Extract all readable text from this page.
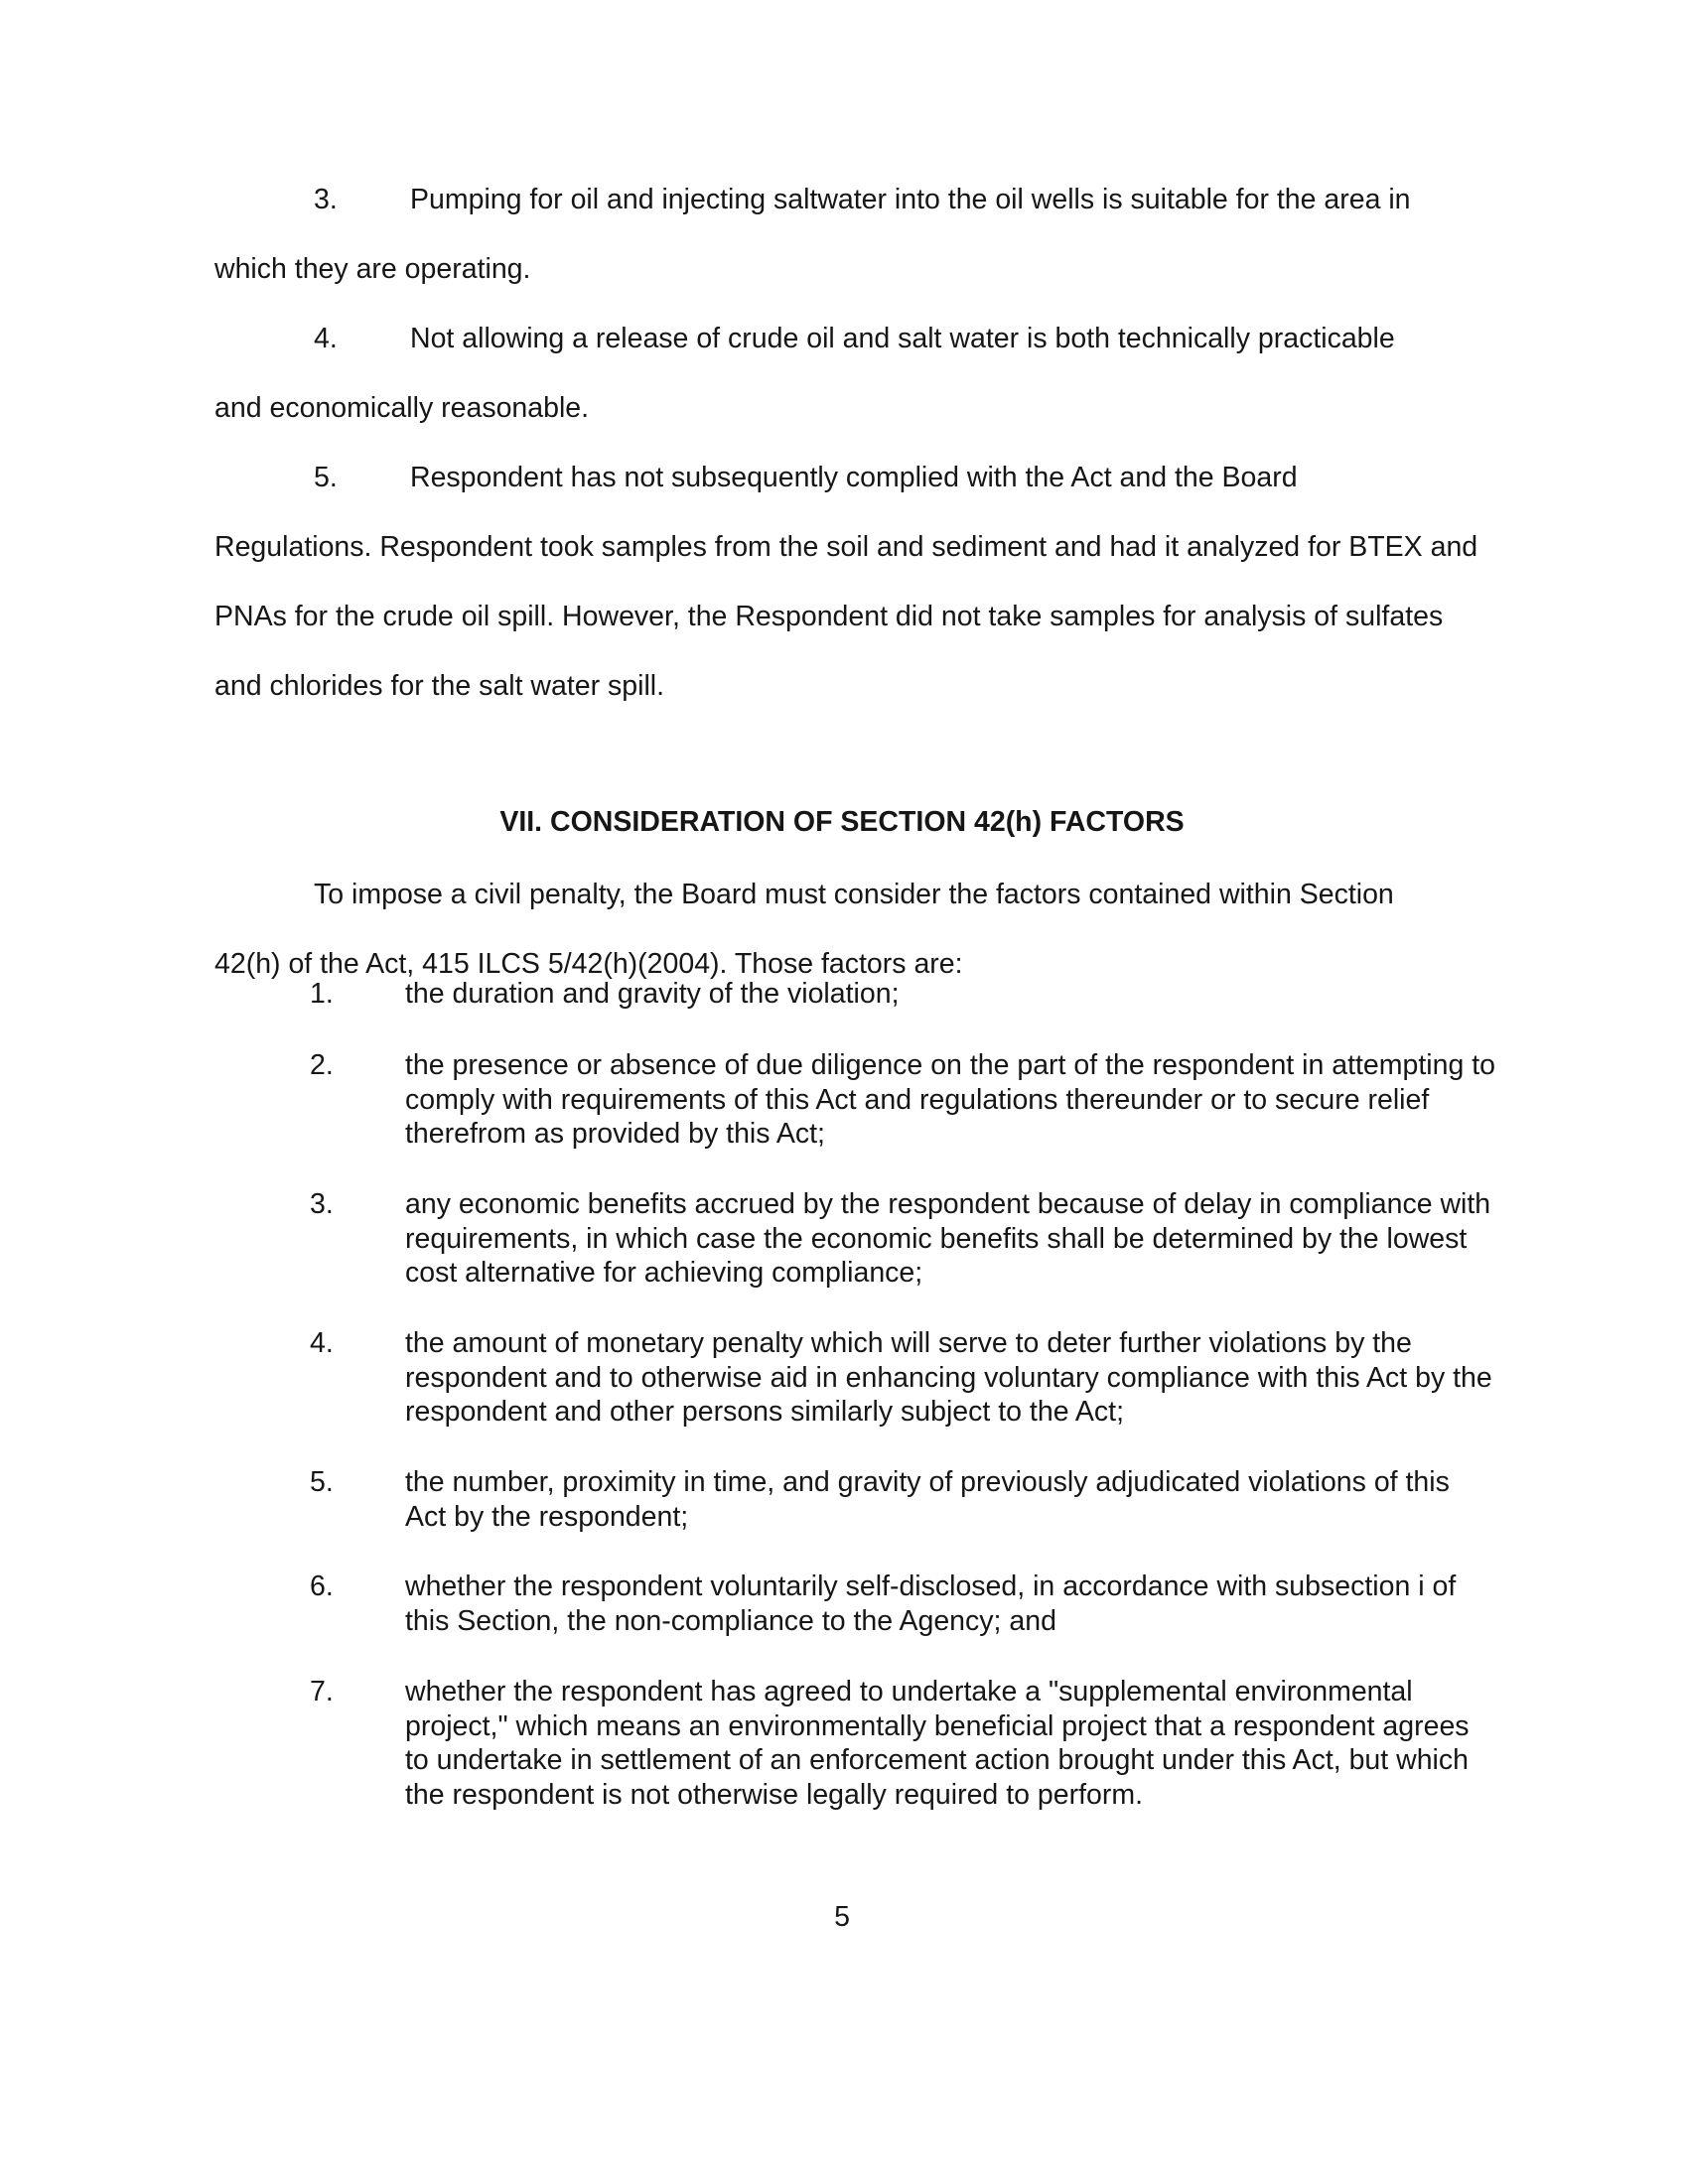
3.	Pumping for oil and injecting saltwater into the oil wells is suitable for the area in
which they are operating.

4.	Not allowing a release of crude oil and salt water is both technically practicable
and economically reasonable.

5.	Respondent has not subsequently complied with the Act and the Board
Regulations. Respondent took samples from the soil and sediment and had it analyzed for BTEX and PNAs for the crude oil spill. However, the Respondent did not take samples for analysis of sulfates and chlorides for the salt water spill.

VII. CONSIDERATION OF SECTION 42(h) FACTORS

To impose a civil penalty, the Board must consider the factors contained within Section
42(h) of the Act, 415 ILCS 5/42(h)(2004). Those factors are:

1.	the duration and gravity of the violation;
2.	the presence or absence of due diligence on the part of the respondent in attempting to comply with requirements of this Act and regulations thereunder or to secure relief therefrom as provided by this Act;
3.	any economic benefits accrued by the respondent because of delay in compliance with requirements, in which case the economic benefits shall be determined by the lowest cost alternative for achieving compliance;
4.	the amount of monetary penalty which will serve to deter further violations by the respondent and to otherwise aid in enhancing voluntary compliance with this Act by the respondent and other persons similarly subject to the Act;
5.	the number, proximity in time, and gravity of previously adjudicated violations of this Act by the respondent;
6.	whether the respondent voluntarily self-disclosed, in accordance with subsection i of this Section, the non-compliance to the Agency; and
7.	whether the respondent has agreed to undertake a "supplemental environmental project," which means an environmentally beneficial project that a respondent agrees to undertake in settlement of an enforcement action brought under this Act, but which the respondent is not otherwise legally required to perform.

5
